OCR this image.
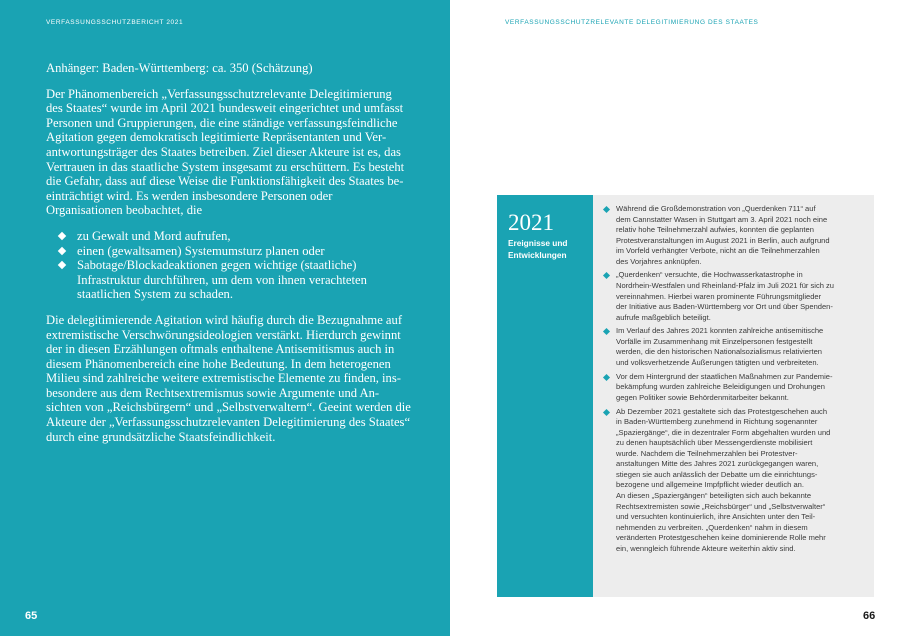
VERFASSUNGSSCHUTZBERICHT 2021
Anhänger: Baden-Württemberg: ca. 350 (Schätzung)
Der Phänomenbereich „Verfassungsschutzrelevante Delegitimierung
des Staates“ wurde im April 2021 bundesweit eingerichtet und umfasst
Personen und Gruppierungen, die eine ständige verfassungsfeindliche
Agitation gegen demokratisch legitimierte Repräsentanten und Ver-
antwortungsträger des Staates betreiben. Ziel dieser Akteure ist es, das
Vertrauen in das staatliche System insgesamt zu erschüttern. Es besteht
die Gefahr, dass auf diese Weise die Funktionsfähigkeit des Staates be-
einträchtigt wird. Es werden insbesondere Personen oder
Organisationen beobachtet, die
zu Gewalt und Mord aufrufen,
einen (gewaltsamen) Systemumsturz planen oder
Sabotage/Blockadeaktionen gegen wichtige (staatliche)
Infrastruktur durchführen, um dem von ihnen verachteten
staatlichen System zu schaden.
Die delegitimierende Agitation wird häufig durch die Bezugnahme auf
extremistische Verschwörungsideologien verstärkt. Hierdurch gewinnt
der in diesen Erzählungen oftmals enthaltene Antisemitismus auch in
diesem Phänomenbereich eine hohe Bedeutung. In dem heterogenen
Milieu sind zahlreiche weitere extremistische Elemente zu finden, ins-
besondere aus dem Rechtsextremismus sowie Argumente und An-
sichten von „Reichsbürgern“ und „Selbstverwaltern“. Geeint werden die
Akteure der „Verfassungsschutzrelevanten Delegitimierung des Staates“
durch eine grundsätzliche Staatsfeindlichkeit.
65
VERFASSUNGSSCHUTZRELEVANTE DELEGITIMIERUNG DES STAATES
2021
Ereignisse und
Entwicklungen
Während die Großdemonstration von „Querdenken 711“ auf
dem Cannstatter Wasen in Stuttgart am 3. April 2021 noch eine
relativ hohe Teilnehmerzahl aufwies, konnten die geplanten
Protestveranstaltungen im August 2021 in Berlin, auch aufgrund
im Vorfeld verhängter Verbote, nicht an die Teilnehmerzahlen
des Vorjahres anknüpfen.
„Querdenken“ versuchte, die Hochwasserkatastrophe in
Nordrhein-Westfalen und Rheinland-Pfalz im Juli 2021 für sich zu
vereinnahmen. Hierbei waren prominente Führungsmitglieder
der Initiative aus Baden-Württemberg vor Ort und über Spenden-
aufrufe maßgeblich beteiligt.
Im Verlauf des Jahres 2021 konnten zahlreiche antisemitische
Vorfälle im Zusammenhang mit Einzelpersonen festgestellt
werden, die den historischen Nationalsozialismus relativierten
und volksverhetzende Äußerungen tätigten und verbreiteten.
Vor dem Hintergrund der staatlichen Maßnahmen zur Pandemie-
bekämpfung wurden zahlreiche Beleidigungen und Drohungen
gegen Politiker sowie Behördenmitarbeiter bekannt.
Ab Dezember 2021 gestaltete sich das Protestgeschehen auch
in Baden-Württemberg zunehmend in Richtung sogenannter
„Spaziergänge“, die in dezentraler Form abgehalten wurden und
zu denen hauptsächlich über Messengerdienste mobilisiert
wurde. Nachdem die Teilnehmerzahlen bei Protestver-
anstaltungen Mitte des Jahres 2021 zurückgegangen waren,
stiegen sie auch anlässlich der Debatte um die einrichtungs-
bezogene und allgemeine Impfpflicht wieder deutlich an.
An diesen „Spaziergängen“ beteiligten sich auch bekannte
Rechtsextremisten sowie „Reichsbürger“ und „Selbstverwalter“
und versuchten kontinuierlich, ihre Ansichten unter den Teil-
nehmenden zu verbreiten. „Querdenken“ nahm in diesem
veränderten Protestgeschehen keine dominierende Rolle mehr
ein, wenngleich führende Akteure weiterhin aktiv sind.
66
